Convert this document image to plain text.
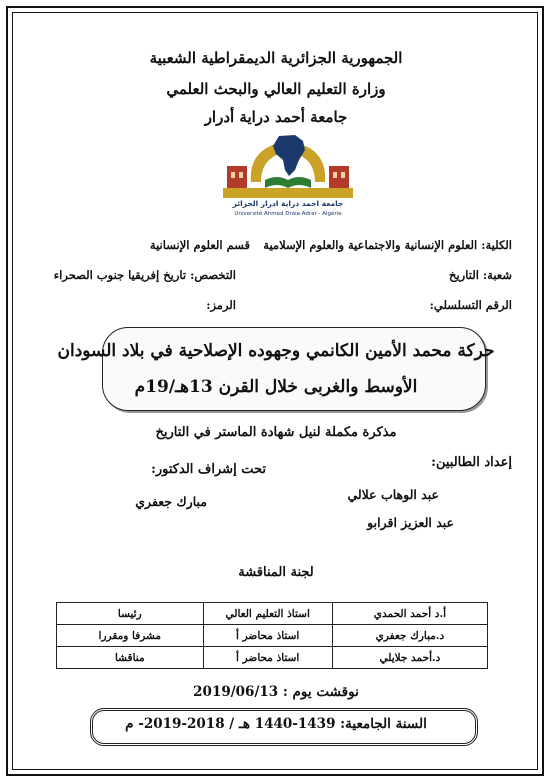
الجمهورية الجزائرية الديمقراطية الشعبية
وزارة التعليم العالي والبحث العلمي
جامعة أحمد دراية أدرار
جامعة احمد دراية ادرار الجزائر
Université Ahmed Draia Adrar - Algérie
الكلية: العلوم الإنسانية والاجتماعية والعلوم الإسلامية
قسم العلوم الإنسانية
شعبة: التاريخ
التخصص: تاريخ إفريقيا جنوب الصحراء
الرقم التسلسلي:
الرمز:
حركة محمد الأمين الكانمي وجهوده الإصلاحية في بلاد السودان
الأوسط والغربى خلال القرن 13هـ/19م
مذكرة مكملة لنيل شهادة الماستر في التاريخ
إعداد الطالبين:
تحت إشراف الدكتور:
عبد الوهاب علالي
مبارك جعفري
عبد العزيز اقرابو
لجنة المناقشة
أ.د أحمد الحمدي	استاذ التعليم العالي	رئيسا
د.مبارك جعفري	استاذ محاضر أ	مشرفا ومقررا
د.أحمد جلايلي	استاذ محاضر أ	مناقشا
نوقشت يوم : 2019/06/13
السنة الجامعية: 1439-1440 هـ / 2018-2019- م
